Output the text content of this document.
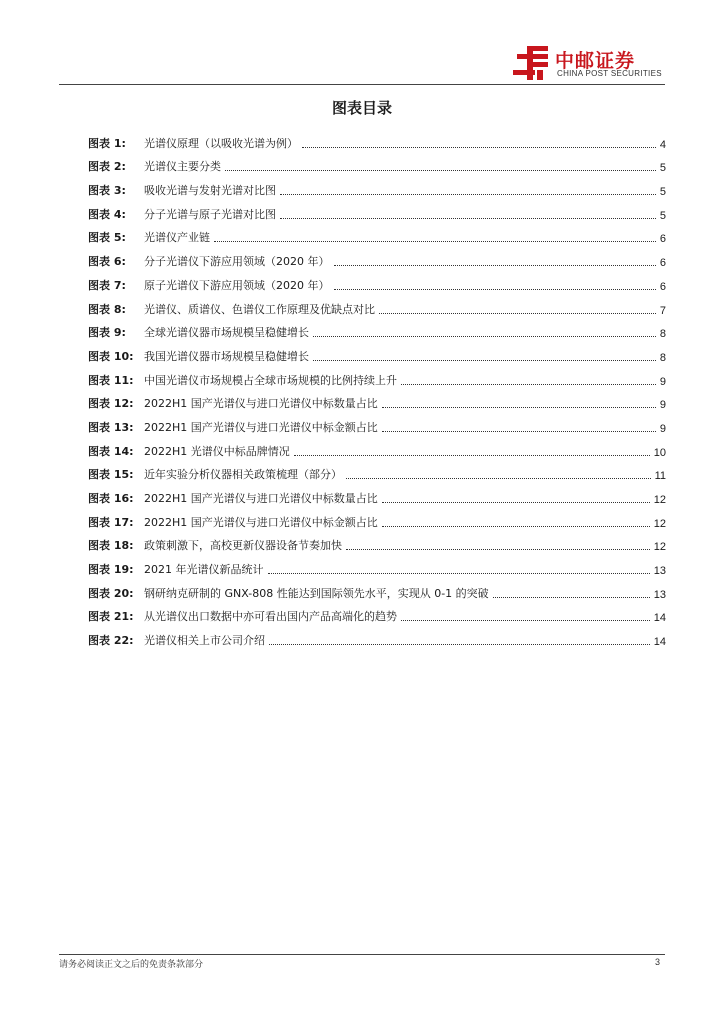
中邮证券
CHINA POST SECURITIES
图表目录
图表 1:	光谱仪原理（以吸收光谱为例）	4
图表 2:	光谱仪主要分类	5
图表 3:	吸收光谱与发射光谱对比图	5
图表 4:	分子光谱与原子光谱对比图	5
图表 5:	光谱仪产业链	6
图表 6:	分子光谱仪下游应用领域（2020 年）	6
图表 7:	原子光谱仪下游应用领域（2020 年）	6
图表 8:	光谱仪、质谱仪、色谱仪工作原理及优缺点对比	7
图表 9:	全球光谱仪器市场规模呈稳健增长	8
图表 10: 我国光谱仪器市场规模呈稳健增长	8
图表 11: 中国光谱仪市场规模占全球市场规模的比例持续上升	9
图表 12: 2022H1 国产光谱仪与进口光谱仪中标数量占比	9
图表 13: 2022H1 国产光谱仪与进口光谱仪中标金额占比	9
图表 14: 2022H1 光谱仪中标品牌情况	10
图表 15: 近年实验分析仪器相关政策梳理（部分）	11
图表 16: 2022H1 国产光谱仪与进口光谱仪中标数量占比	12
图表 17: 2022H1 国产光谱仪与进口光谱仪中标金额占比	12
图表 18: 政策刺激下，高校更新仪器设备节奏加快	12
图表 19: 2021 年光谱仪新品统计	13
图表 20: 钢研纳克研制的 GNX-808 性能达到国际领先水平，实现从 0-1 的突破	13
图表 21: 从光谱仪出口数据中亦可看出国内产品高端化的趋势	14
图表 22: 光谱仪相关上市公司介绍	14
请务必阅读正文之后的免责条款部分	3
